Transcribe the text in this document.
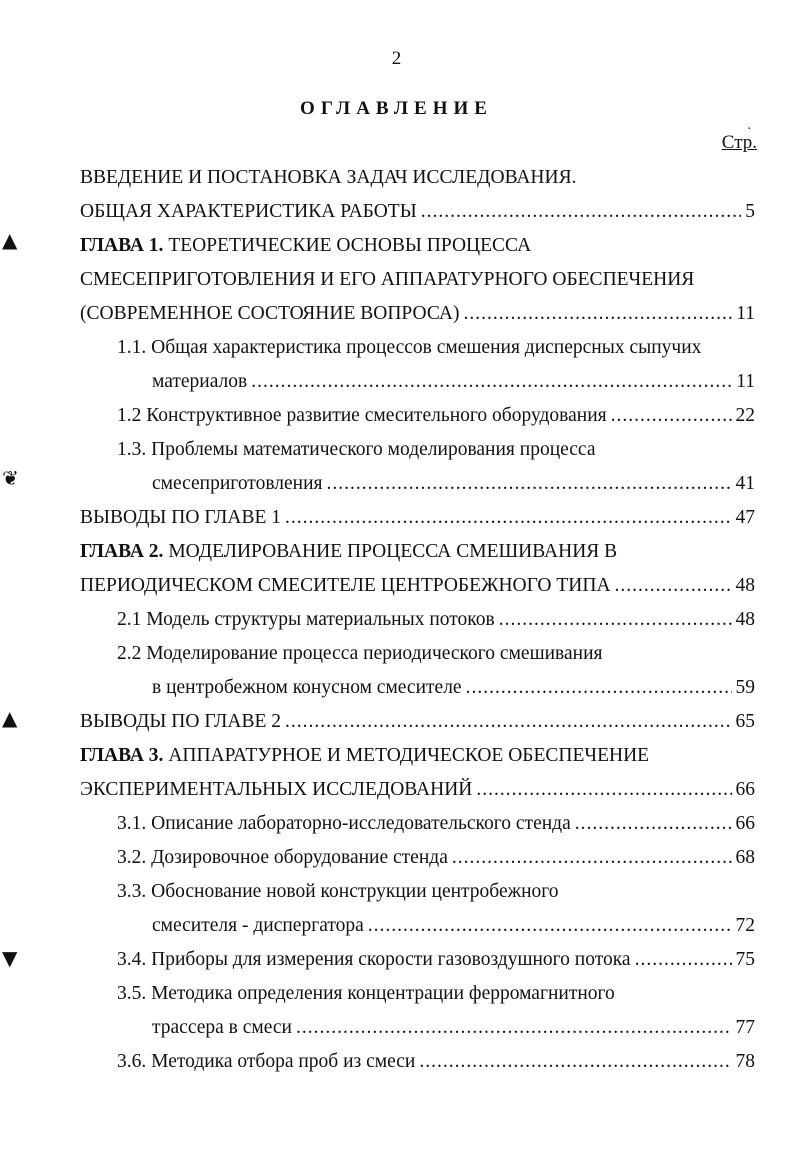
2
ОГЛАВЛЕНИЕ
.
Стр.
▲
❦
▲
▼
ВВЕДЕНИЕ И ПОСТАНОВКА ЗАДАЧ ИССЛЕДОВАНИЯ.
ОБЩАЯ ХАРАКТЕРИСТИКА РАБОТЫ .....	5
ГЛАВА 1. ТЕОРЕТИЧЕСКИЕ ОСНОВЫ ПРОЦЕССА
СМЕСЕПРИГОТОВЛЕНИЯ И ЕГО АППАРАТУРНОГО ОБЕСПЕЧЕНИЯ
(СОВРЕМЕННОЕ СОСТОЯНИЕ ВОПРОСА) .....	11
1.1. Общая характеристика процессов смешения дисперсных сыпучих
материалов .....	11
1.2 Конструктивное развитие смесительного оборудования .....	22
1.3. Проблемы математического моделирования процесса
смесеприготовления .....	41
ВЫВОДЫ ПО ГЛАВЕ 1 .....	47
ГЛАВА 2. МОДЕЛИРОВАНИЕ ПРОЦЕССА СМЕШИВАНИЯ В
ПЕРИОДИЧЕСКОМ СМЕСИТЕЛЕ ЦЕНТРОБЕЖНОГО ТИПА .....	48
2.1 Модель структуры материальных потоков .....	48
2.2 Моделирование процесса периодического смешивания
в центробежном конусном смесителе .....	59
ВЫВОДЫ ПО ГЛАВЕ 2 .....	65
ГЛАВА 3. АППАРАТУРНОЕ И МЕТОДИЧЕСКОЕ ОБЕСПЕЧЕНИЕ
ЭКСПЕРИМЕНТАЛЬНЫХ ИССЛЕДОВАНИЙ .....	66
3.1. Описание лабораторно-исследовательского стенда .....	66
3.2. Дозировочное оборудование стенда .....	68
3.3. Обоснование новой конструкции центробежного
смесителя - диспергатора .....	72
3.4. Приборы для измерения скорости газовоздушного потока .....	75
3.5. Методика определения концентрации ферромагнитного
трассера в смеси .....	77
3.6. Методика отбора проб из смеси .....	78
